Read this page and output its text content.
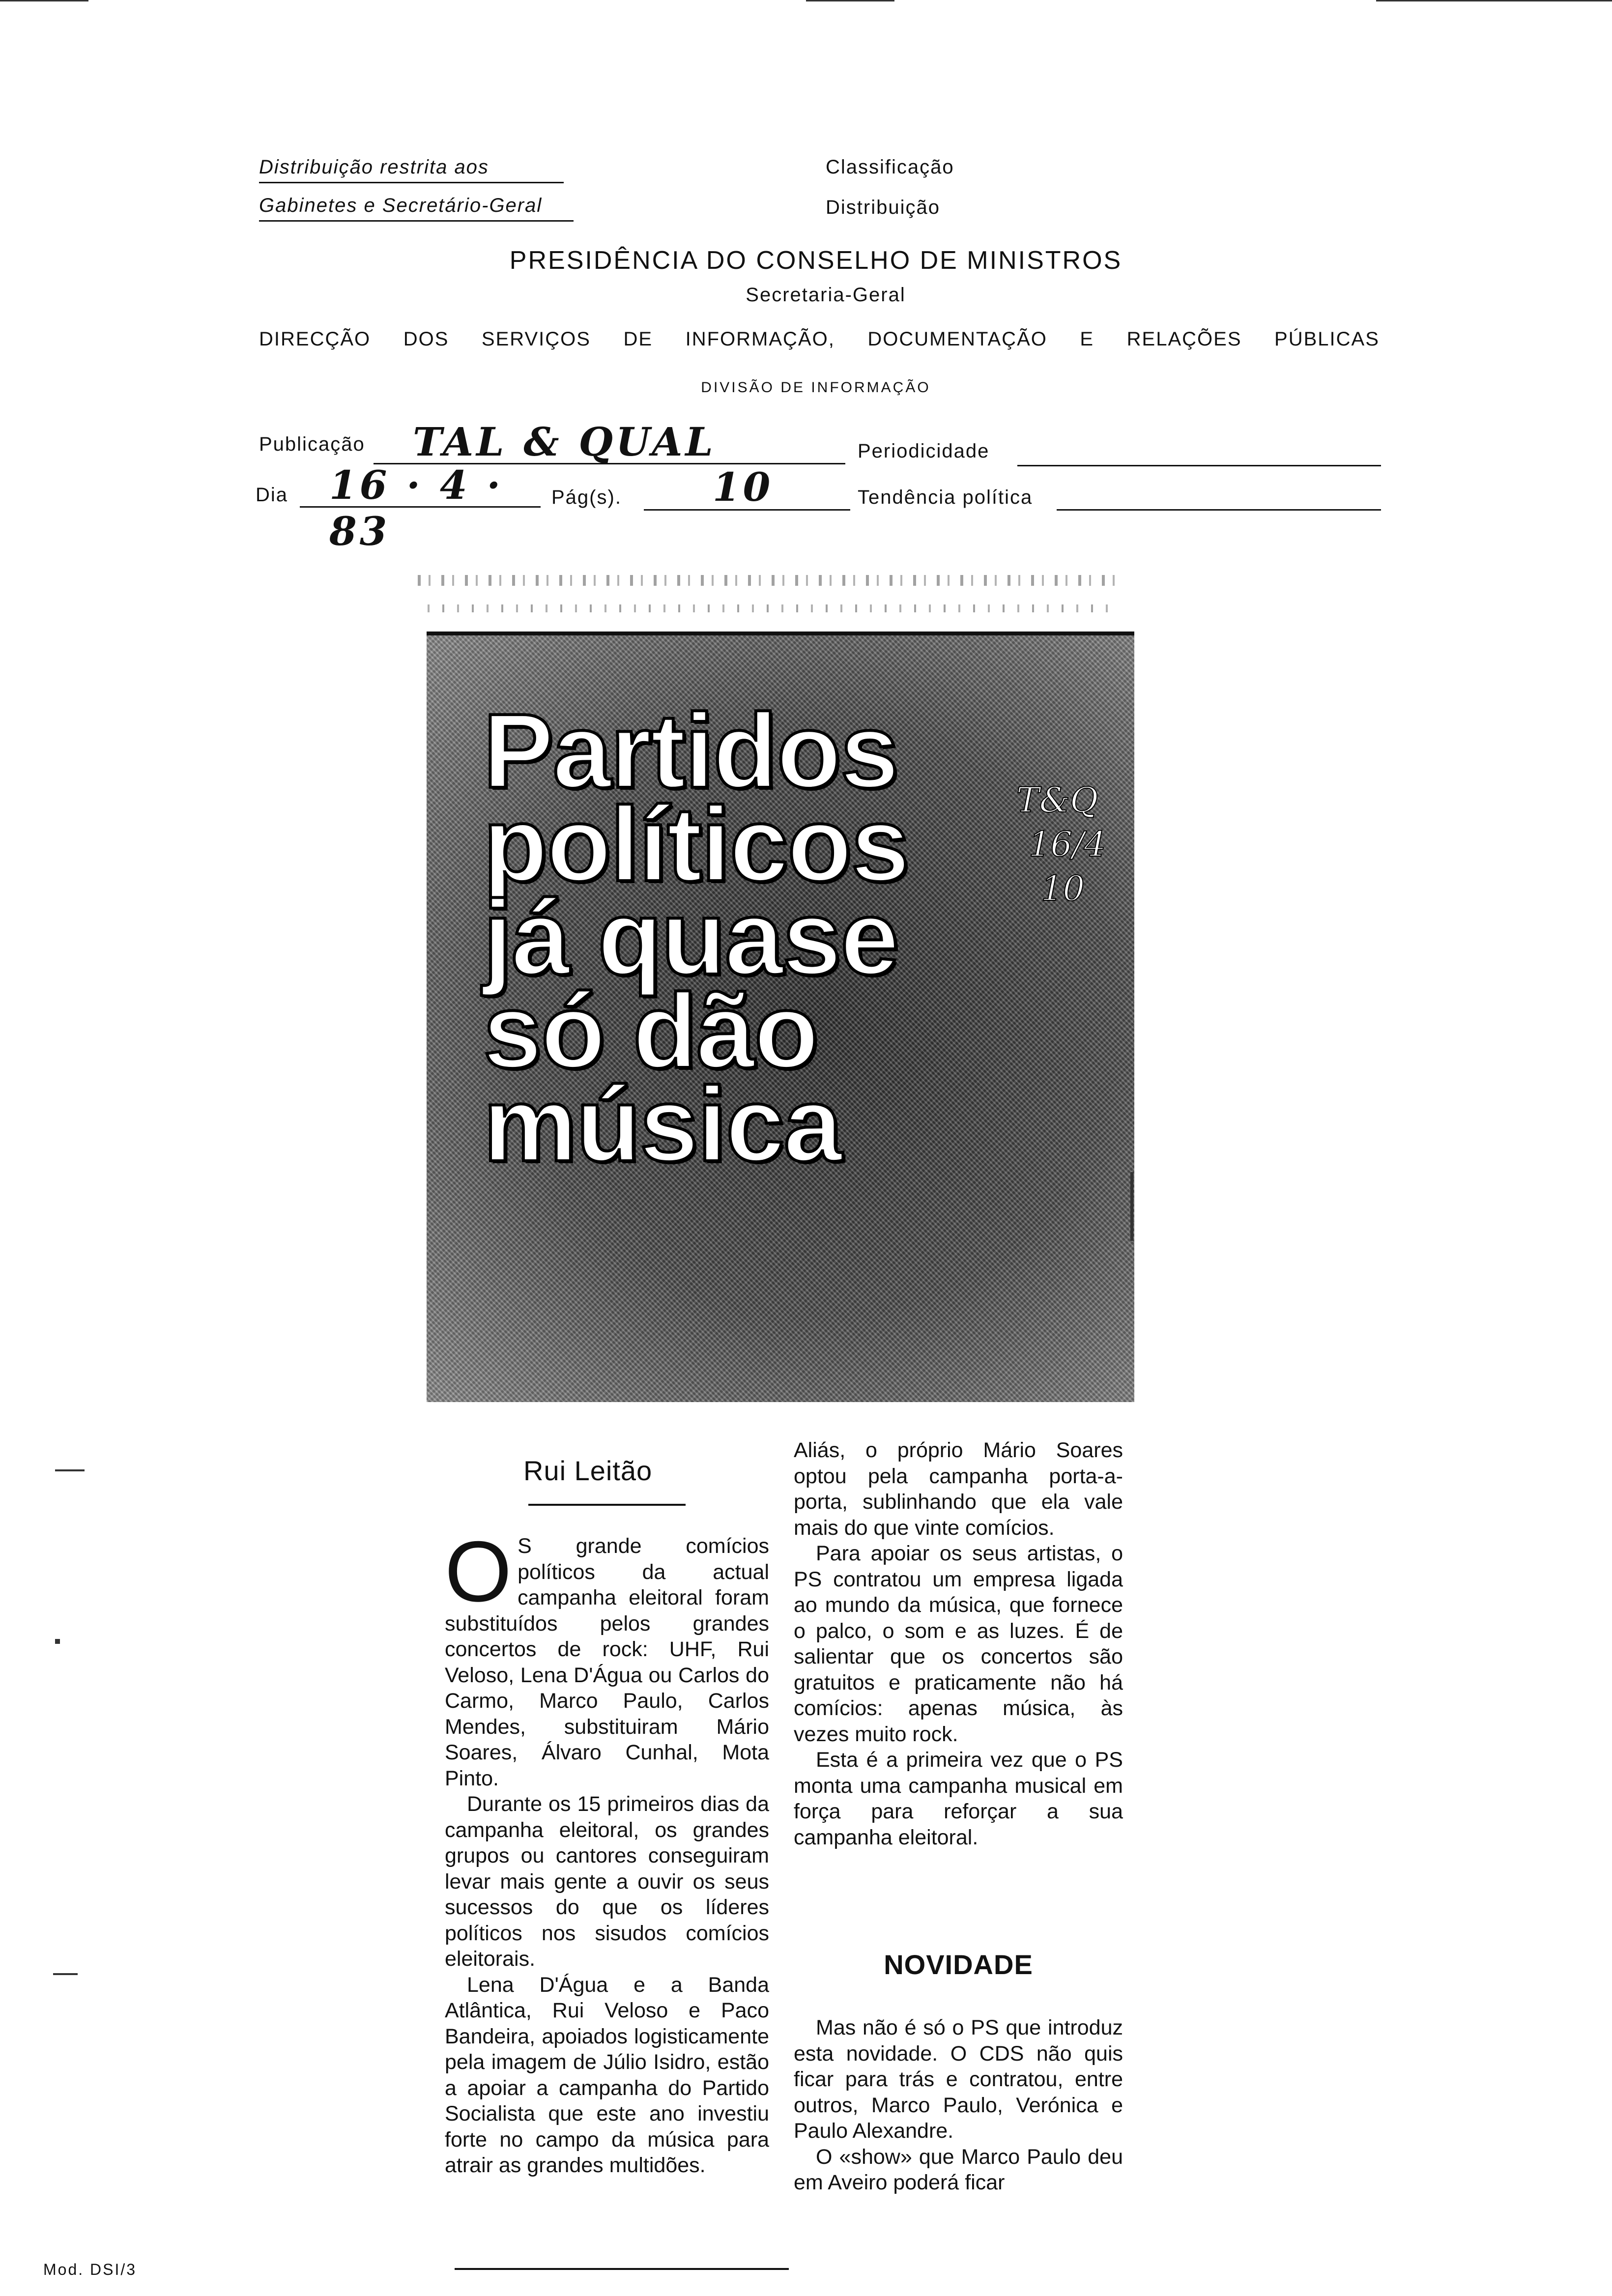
Distribuição restrita aos
Gabinetes e Secretário-Geral
Classificação
Distribuição
PRESIDÊNCIA DO CONSELHO DE MINISTROS
Secretaria-Geral
DIRECÇÃO DOS SERVIÇOS DE INFORMAÇÃO, DOCUMENTAÇÃO E RELAÇÕES PÚBLICAS
DIVISÃO DE INFORMAÇÃO
Publicação TAL & QUAL	Periodicidade
Dia 16 · 4 · 83
Pág(s). 10	Tendência política
Partidos
políticos
já quase
só dão
música
T&Q
16/4
10
Rui Leitão

O S grande comícios políticos da actual campanha eleitoral foram substituídos pelos grandes concertos de rock: UHF, Rui Veloso, Lena D'Água ou Carlos do Carmo, Marco Paulo, Carlos Mendes, substituiram Mário Soares, Álvaro Cunhal, Mota Pinto.

Durante os 15 primeiros dias da campanha eleitoral, os grandes grupos ou cantores conseguiram levar mais gente a ouvir os seus sucessos do que os líderes políticos nos sisudos comícios eleitorais.

Lena D'Água e a Banda Atlântica, Rui Veloso e Paco Bandeira, apoiados logisticamente pela imagem de Júlio Isidro, estão a apoiar a campanha do Partido Socialista que este ano investiu forte no campo da música para atrair as grandes multidões.

Aliás, o próprio Mário Soares optou pela campanha porta-a-porta, sublinhando que ela vale mais do que vinte comícios.

Para apoiar os seus artistas, o PS contratou um empresa ligada ao mundo da música, que fornece o palco, o som e as luzes. É de salientar que os concertos são gratuitos e praticamente não há comícios: apenas música, às vezes muito rock.

Esta é a primeira vez que o PS monta uma campanha musical em força para reforçar a sua campanha eleitoral.

NOVIDADE

Mas não é só o PS que introduz esta novidade. O CDS não quis ficar para trás e contratou, entre outros, Marco Paulo, Verónica e Paulo Alexandre.

O «show» que Marco Paulo deu em Aveiro poderá ficar

Mod. DSI/3
